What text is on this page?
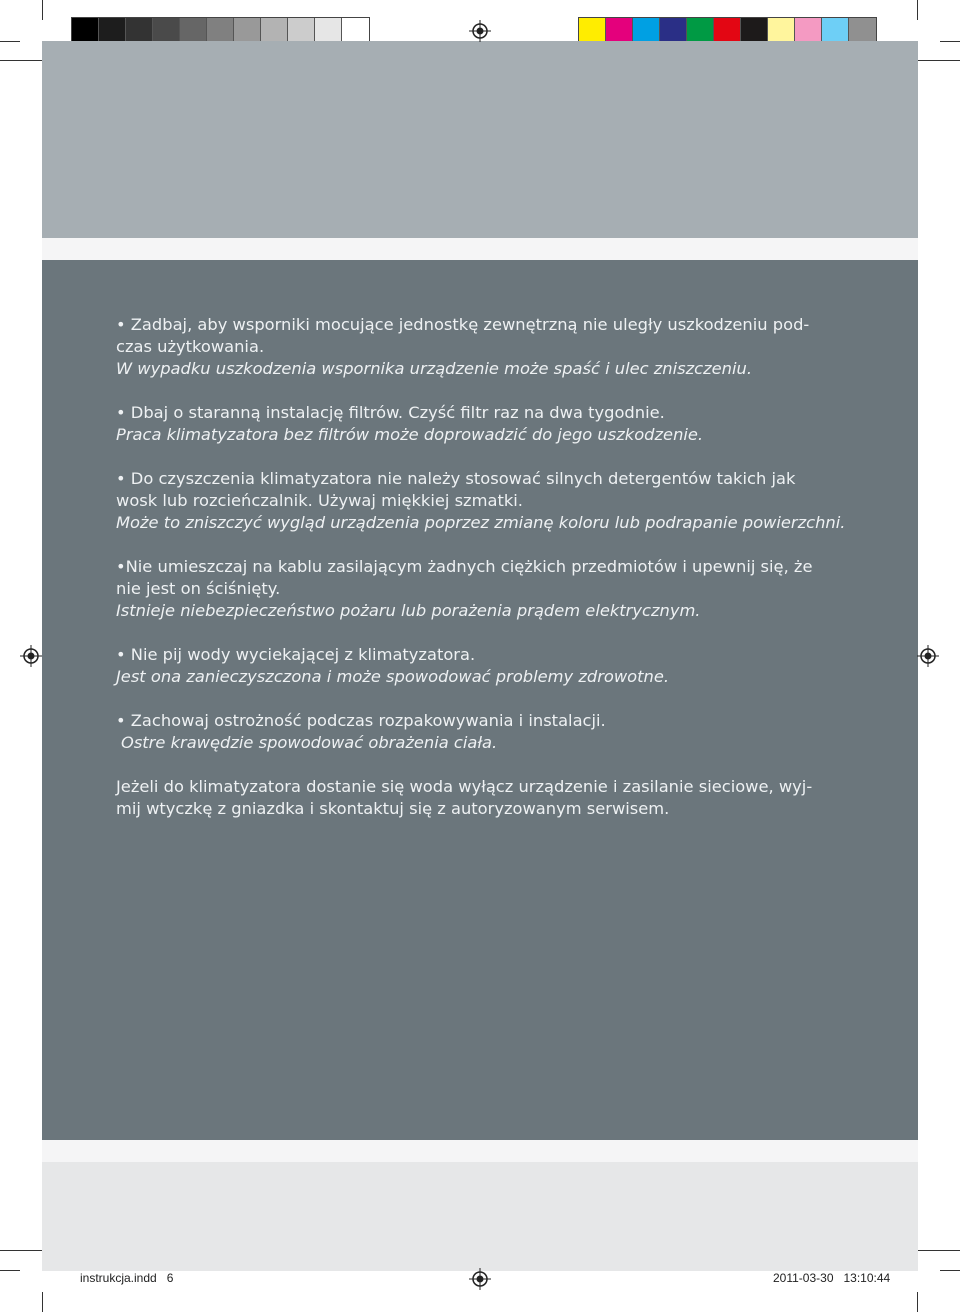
• Zadbaj, aby wsporniki mocujące jednostkę zewnętrzną nie uległy uszkodzeniu pod-
czas użytkowania.
W wypadku uszkodzenia wspornika urządzenie może spaść i ulec zniszczeniu.

• Dbaj o staranną instalację filtrów. Czyść filtr raz na dwa tygodnie.
Praca klimatyzatora bez filtrów może doprowadzić do jego uszkodzenie.

• Do czyszczenia klimatyzatora nie należy stosować silnych detergentów takich jak
wosk lub rozcieńczalnik. Używaj miękkiej szmatki.
Może to zniszczyć wygląd urządzenia poprzez zmianę koloru lub podrapanie powierzchni.

•Nie umieszczaj na kablu zasilającym żadnych ciężkich przedmiotów i upewnij się, że
nie jest on ściśnięty.
Istnieje niebezpieczeństwo pożaru lub porażenia prądem elektrycznym.

• Nie pij wody wyciekającej z klimatyzatora.
Jest ona zanieczyszczona i może spowodować problemy zdrowotne.

• Zachowaj ostrożność podczas rozpakowywania i instalacji.
Ostre krawędzie spowodować obrażenia ciała.

Jeżeli do klimatyzatora dostanie się woda wyłącz urządzenie i zasilanie sieciowe, wyj-
mij wtyczkę z gniazdka i skontaktuj się z autoryzowanym serwisem.

instrukcja.indd   6	2011-03-30   13:10:44
